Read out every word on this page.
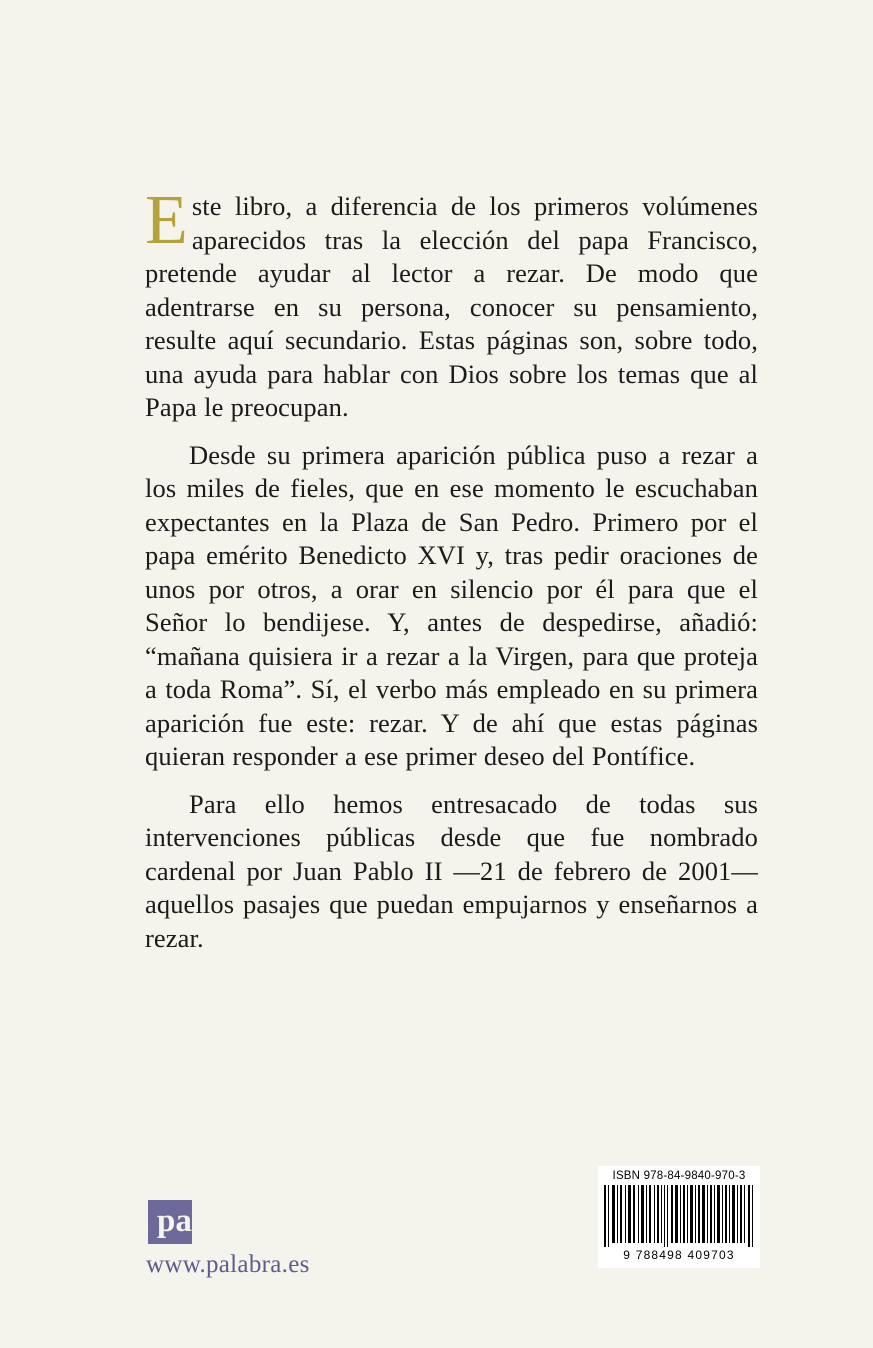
Este libro, a diferencia de los primeros volúmenes aparecidos tras la elección del papa Francisco, pretende ayudar al lector a rezar. De modo que adentrarse en su persona, conocer su pensamiento, resulte aquí secundario. Estas páginas son, sobre todo, una ayuda para hablar con Dios sobre los temas que al Papa le preocupan.

Desde su primera aparición pública puso a rezar a los miles de fieles, que en ese momento le escuchaban expectantes en la Plaza de San Pedro. Primero por el papa emérito Benedicto XVI y, tras pedir oraciones de unos por otros, a orar en silencio por él para que el Señor lo bendijese. Y, antes de despedirse, añadió: “mañana quisiera ir a rezar a la Virgen, para que proteja a toda Roma”. Sí, el verbo más empleado en su primera aparición fue este: rezar. Y de ahí que estas páginas quieran responder a ese primer deseo del Pontífice.

Para ello hemos entresacado de todas sus intervenciones públicas desde que fue nombrado cardenal por Juan Pablo II —21 de febrero de 2001— aquellos pasajes que puedan empujarnos y enseñarnos a rezar.

pa
www.palabra.es
ISBN 978-84-9840-970-3
9 788498 409703
